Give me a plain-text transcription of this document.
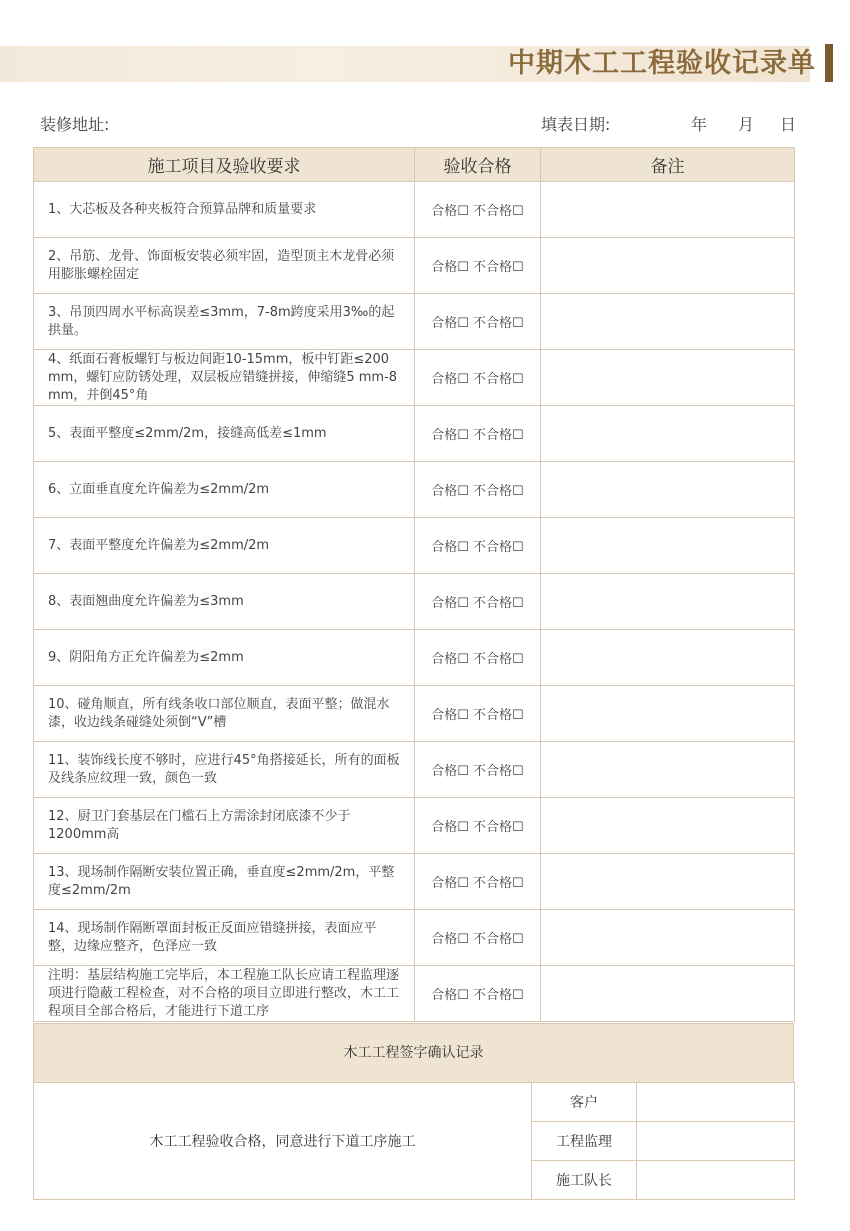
中期木工工程验收记录单
装修地址:	填表日期:	年 月 日
施工项目及验收要求	验收合格	备注
1、大芯板及各种夹板符合预算品牌和质量要求	合格☐ 不合格☐	
2、吊筋、龙骨、饰面板安装必须牢固，造型顶主木龙骨必须用膨胀螺栓固定	合格☐ 不合格☐	
3、吊顶四周水平标高误差≤3mm，7-8m跨度采用3‰的起拱量。	合格☐ 不合格☐	
4、纸面石膏板螺钉与板边间距10-15mm，板中钉距≤200 mm，螺钉应防锈处理，双层板应错缝拼接，伸缩缝5 mm-8 mm，并倒45°角	合格☐ 不合格☐	
5、表面平整度≤2mm/2m，接缝高低差≤1mm	合格☐ 不合格☐	
6、立面垂直度允许偏差为≤2mm/2m	合格☐ 不合格☐	
7、表面平整度允许偏差为≤2mm/2m	合格☐ 不合格☐	
8、表面翘曲度允许偏差为≤3mm	合格☐ 不合格☐	
9、阴阳角方正允许偏差为≤2mm	合格☐ 不合格☐	
10、碰角顺直，所有线条收口部位顺直，表面平整；做混水漆，收边线条碰缝处须倒“V”槽	合格☐ 不合格☐	
11、装饰线长度不够时，应进行45°角搭接延长，所有的面板及线条应纹理一致，颜色一致	合格☐ 不合格☐	
12、厨卫门套基层在门槛石上方需涂封闭底漆不少于1200mm高	合格☐ 不合格☐	
13、现场制作隔断安装位置正确，垂直度≤2mm/2m，平整度≤2mm/2m	合格☐ 不合格☐	
14、现场制作隔断罩面封板正反面应错缝拼接，表面应平整，边缘应整齐，色泽应一致	合格☐ 不合格☐	
注明：基层结构施工完毕后，本工程施工队长应请工程监理逐项进行隐蔽工程检查，对不合格的项目立即进行整改，木工工程项目全部合格后，才能进行下道工序	合格☐ 不合格☐	
木工工程签字确认记录
木工工程验收合格，同意进行下道工序施工	客户	
	工程监理	
	施工队长	
